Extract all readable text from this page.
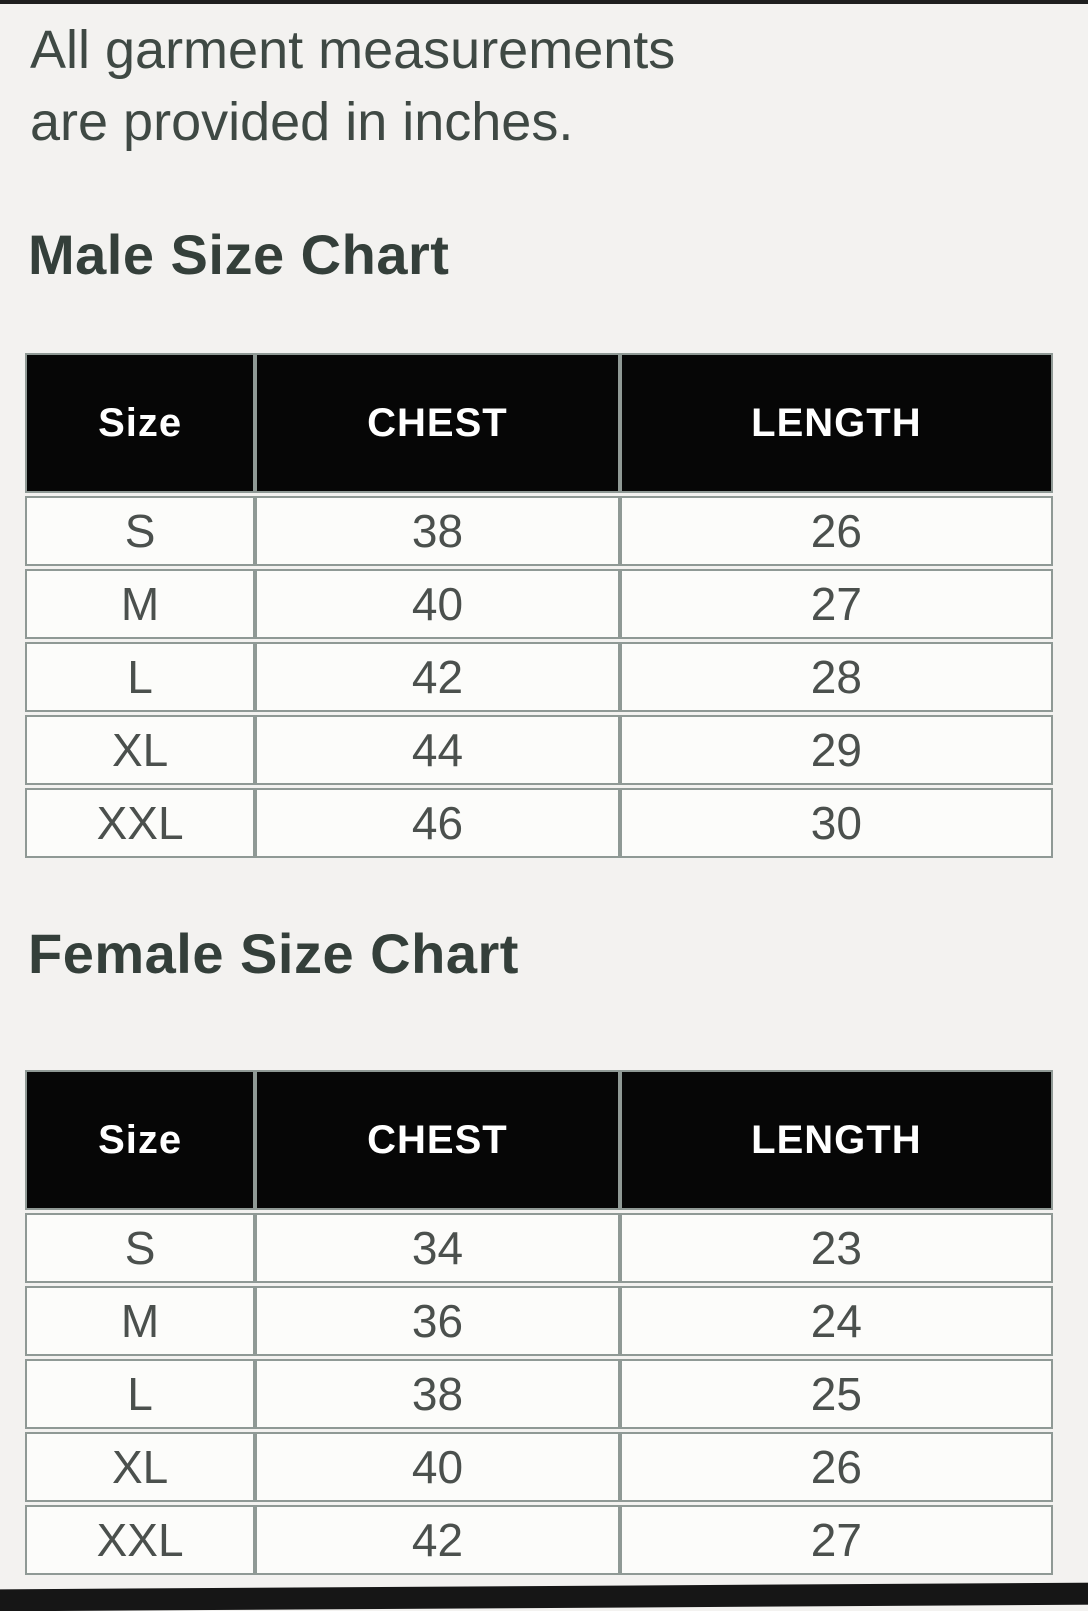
All garment measurements
are provided in inches.

Male Size Chart
Size	CHEST	LENGTH
S	38	26
M	40	27
L	42	28
XL	44	29
XXL	46	30
Female Size Chart
Size	CHEST	LENGTH
S	34	23
M	36	24
L	38	25
XL	40	26
XXL	42	27
